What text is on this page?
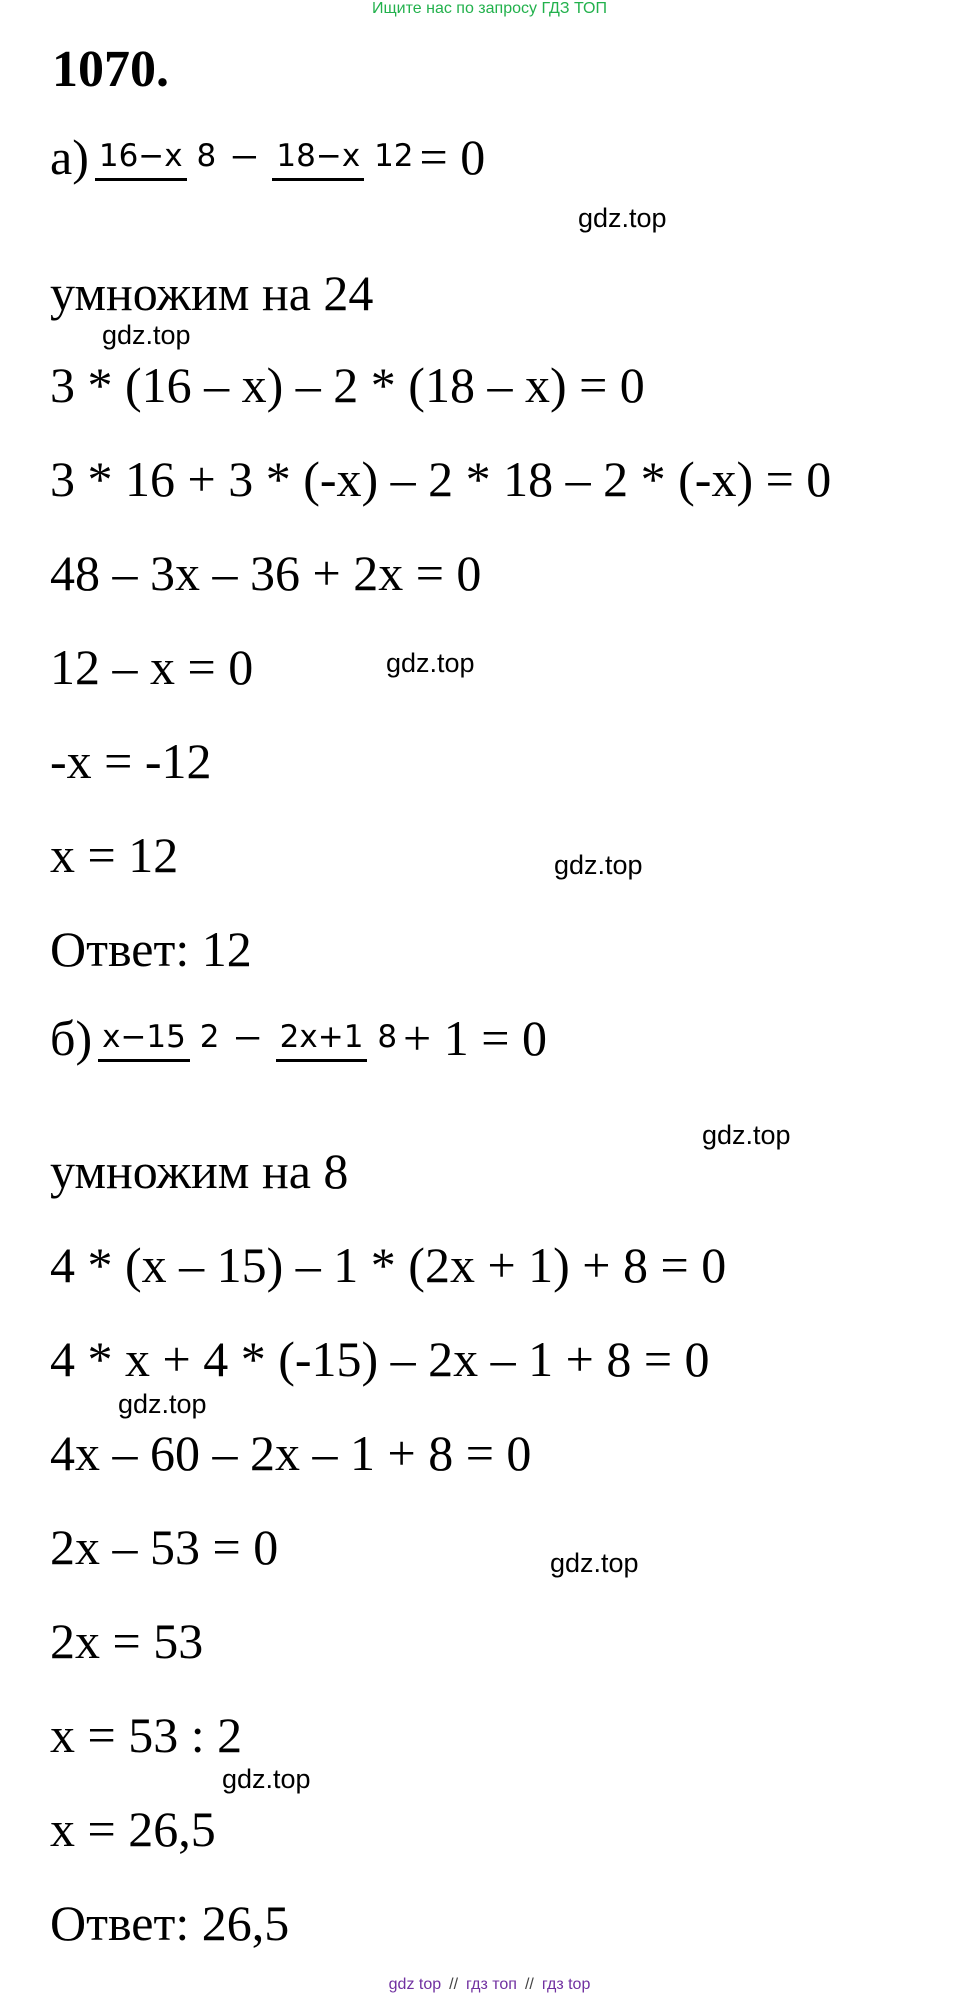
Ищите нас по запросу ГДЗ ТОП
1070.
а) 16−x 8 − 18−x 12 = 0
умножим на 24
3 * (16 – x) – 2 * (18 – x) = 0
3 * 16 + 3 * (-x) – 2 * 18 – 2 * (-x) = 0
48 – 3x – 36 + 2x = 0
12 – x = 0
-x = -12
x = 12
Ответ: 12
б) x−15 2 − 2x+1 8 + 1 = 0
умножим на 8
4 * (x – 15) – 1 * (2x + 1) + 8 = 0
4 * x + 4 * (-15) – 2x – 1 + 8 = 0
4x – 60 – 2x – 1 + 8 = 0
2x – 53 = 0
2x = 53
x = 53 : 2
x = 26,5
Ответ: 26,5
gdz.top
gdz.top
gdz.top
gdz.top
gdz.top
gdz.top
gdz.top
gdz.top
gdz top // гдз топ // гдз top
